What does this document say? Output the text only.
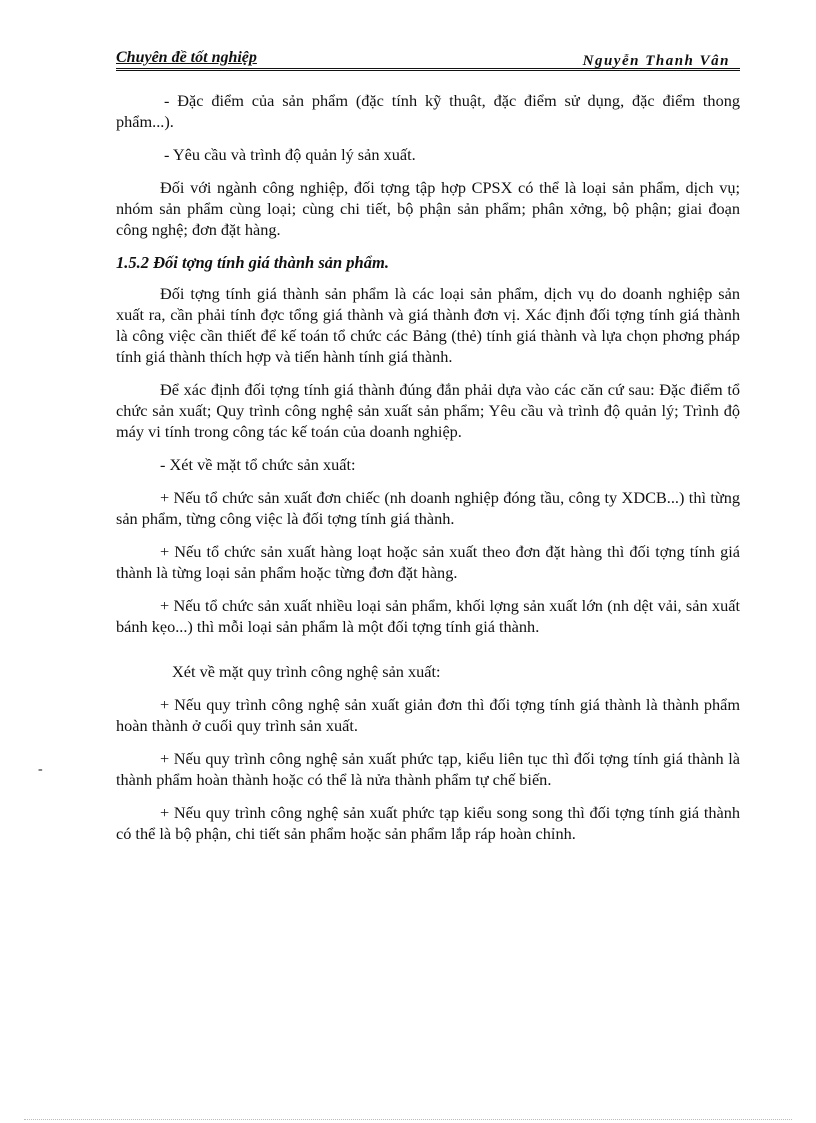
Chuyên đề tốt nghiệp	Nguyễn Thanh Vân
-

- Đặc điểm của sản phẩm (đặc tính kỹ thuật, đặc điểm sử dụng, đặc điểm thong phẩm...).

- Yêu cầu và trình độ quản lý sản xuất.

Đối với ngành công nghiệp, đối tợng tập hợp CPSX có thể là loại sản phẩm, dịch vụ; nhóm sản phẩm cùng loại; cùng chi tiết, bộ phận sản phẩm; phân xởng, bộ phận; giai đoạn công nghệ; đơn đặt hàng.

1.5.2 Đối tợng tính giá thành sản phẩm.

Đối tợng tính giá thành sản phẩm là các loại sản phẩm, dịch vụ do doanh nghiệp sản xuất ra, cần phải tính đợc tổng giá thành và giá thành đơn vị. Xác định đối tợng tính giá thành là công việc cần thiết để kế toán tổ chức các Bảng (thẻ) tính giá thành và lựa chọn phơng pháp tính giá thành thích hợp và tiến hành tính giá thành.

Để xác định đối tợng tính giá thành đúng đắn phải dựa vào các căn cứ sau: Đặc điểm tổ chức sản xuất; Quy trình công nghệ sản xuất sản phẩm; Yêu cầu và trình độ quản lý; Trình độ máy vi tính trong công tác kế toán của doanh nghiệp.

- Xét về mặt tổ chức sản xuất:

+ Nếu tổ chức sản xuất đơn chiếc (nh doanh nghiệp đóng tầu, công ty XDCB...) thì từng sản phẩm, từng công việc là đối tợng tính giá thành.

+ Nếu tổ chức sản xuất hàng loạt hoặc sản xuất theo đơn đặt hàng thì đối tợng tính giá thành là từng loại sản phẩm hoặc từng đơn đặt hàng.

+ Nếu tổ chức sản xuất nhiều loại sản phẩm, khối lợng sản xuất lớn (nh dệt vải, sản xuất bánh kẹo...) thì mỗi loại sản phẩm là một đối tợng tính giá thành.

Xét về mặt quy trình công nghệ sản xuất:

+ Nếu quy trình công nghệ sản xuất giản đơn thì đối tợng tính giá thành là thành phẩm hoàn thành ở cuối quy trình sản xuất.

+ Nếu quy trình công nghệ sản xuất phức tạp, kiểu liên tục thì đối tợng tính giá thành là thành phẩm hoàn thành hoặc có thể là nửa thành phẩm tự chế biến.

+ Nếu quy trình công nghệ sản xuất phức tạp kiểu song song thì đối tợng tính giá thành có thể là bộ phận, chi tiết sản phẩm hoặc sản phẩm lắp ráp hoàn chỉnh.
